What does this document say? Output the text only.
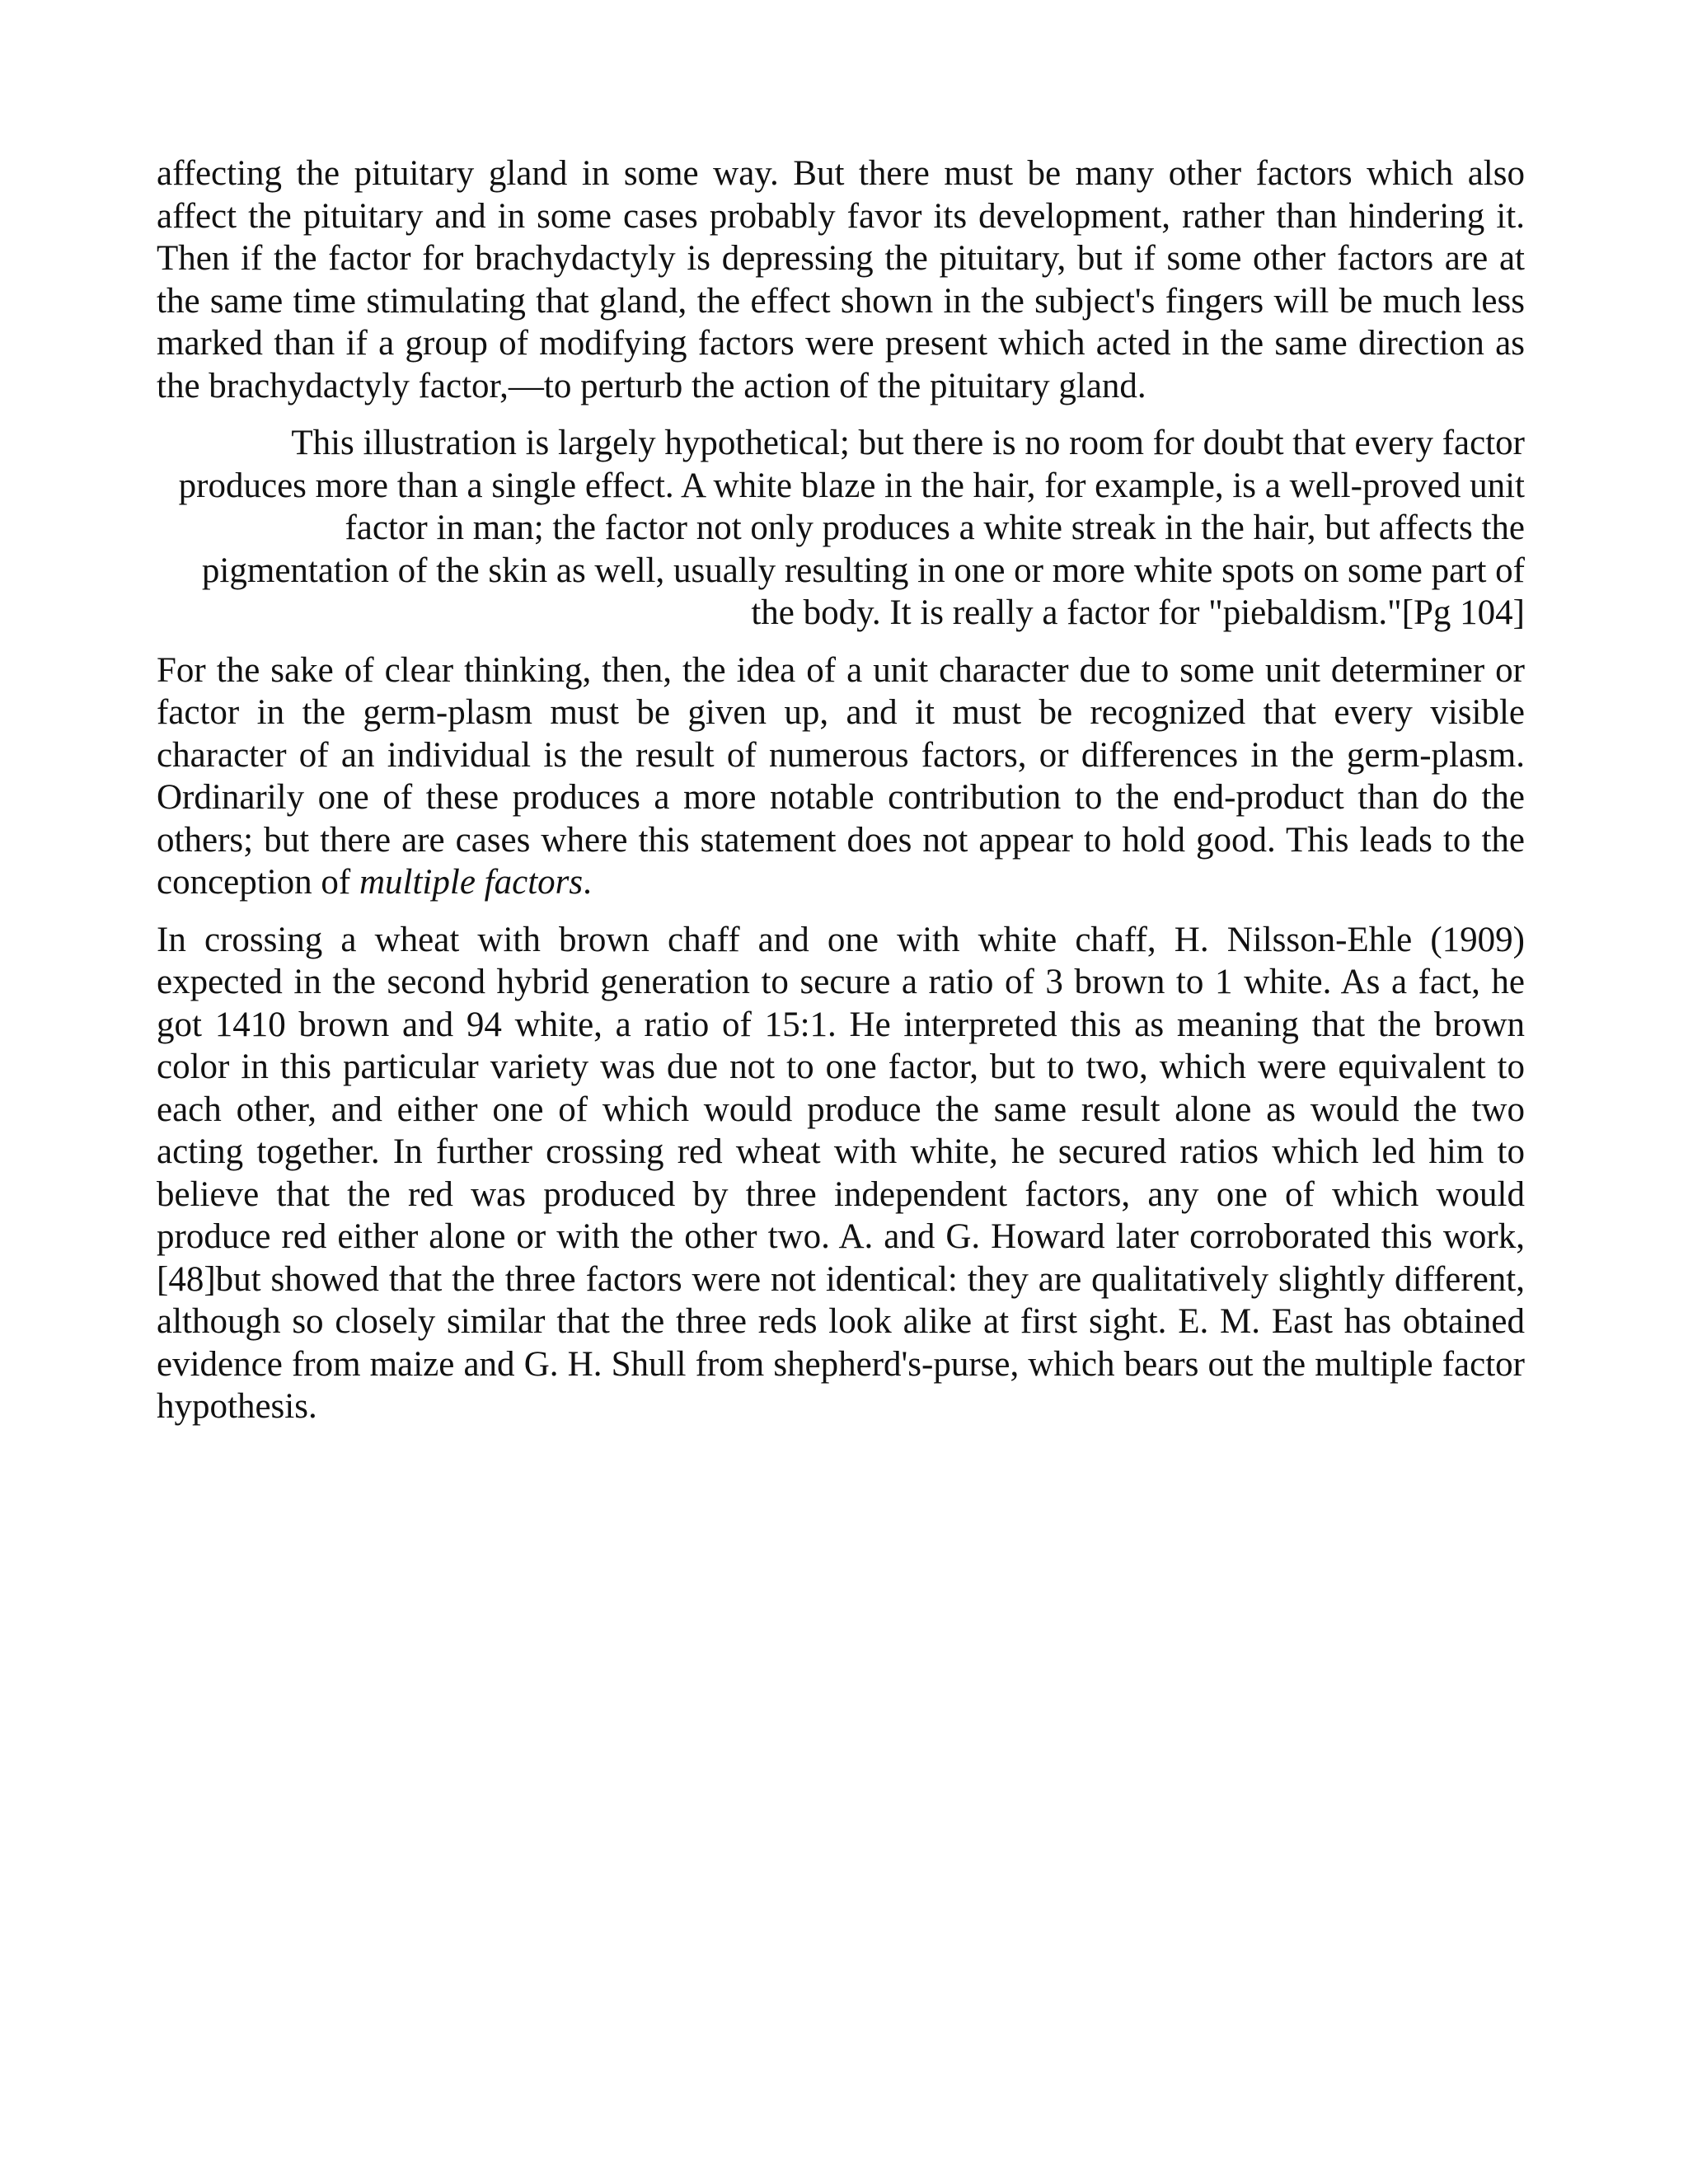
affecting the pituitary gland in some way. But there must be many other factors which also affect the pituitary and in some cases probably favor its development, rather than hindering it. Then if the factor for brachydactyly is depressing the pituitary, but if some other factors are at the same time stimulating that gland, the effect shown in the subject's fingers will be much less marked than if a group of modifying factors were present which acted in the same direction as the brachydactyly factor,—to perturb the action of the pituitary gland.

This illustration is largely hypothetical; but there is no room for doubt that every factor produces more than a single effect. A white blaze in the hair, for example, is a well-proved unit factor in man; the factor not only produces a white streak in the hair, but affects the pigmentation of the skin as well, usually resulting in one or more white spots on some part of the body. It is really a factor for "piebaldism."[Pg 104]

For the sake of clear thinking, then, the idea of a unit character due to some unit determiner or factor in the germ-plasm must be given up, and it must be recognized that every visible character of an individual is the result of numerous factors, or differences in the germ-plasm. Ordinarily one of these produces a more notable contribution to the end-product than do the others; but there are cases where this statement does not appear to hold good. This leads to the conception of multiple factors.

In crossing a wheat with brown chaff and one with white chaff, H. Nilsson-Ehle (1909) expected in the second hybrid generation to secure a ratio of 3 brown to 1 white. As a fact, he got 1410 brown and 94 white, a ratio of 15:1. He interpreted this as meaning that the brown color in this particular variety was due not to one factor, but to two, which were equivalent to each other, and either one of which would produce the same result alone as would the two acting together. In further crossing red wheat with white, he secured ratios which led him to believe that the red was produced by three independent factors, any one of which would produce red either alone or with the other two. A. and G. Howard later corroborated this work,[48]but showed that the three factors were not identical: they are qualitatively slightly different, although so closely similar that the three reds look alike at first sight. E. M. East has obtained evidence from maize and G. H. Shull from shepherd's-purse, which bears out the multiple factor hypothesis.
